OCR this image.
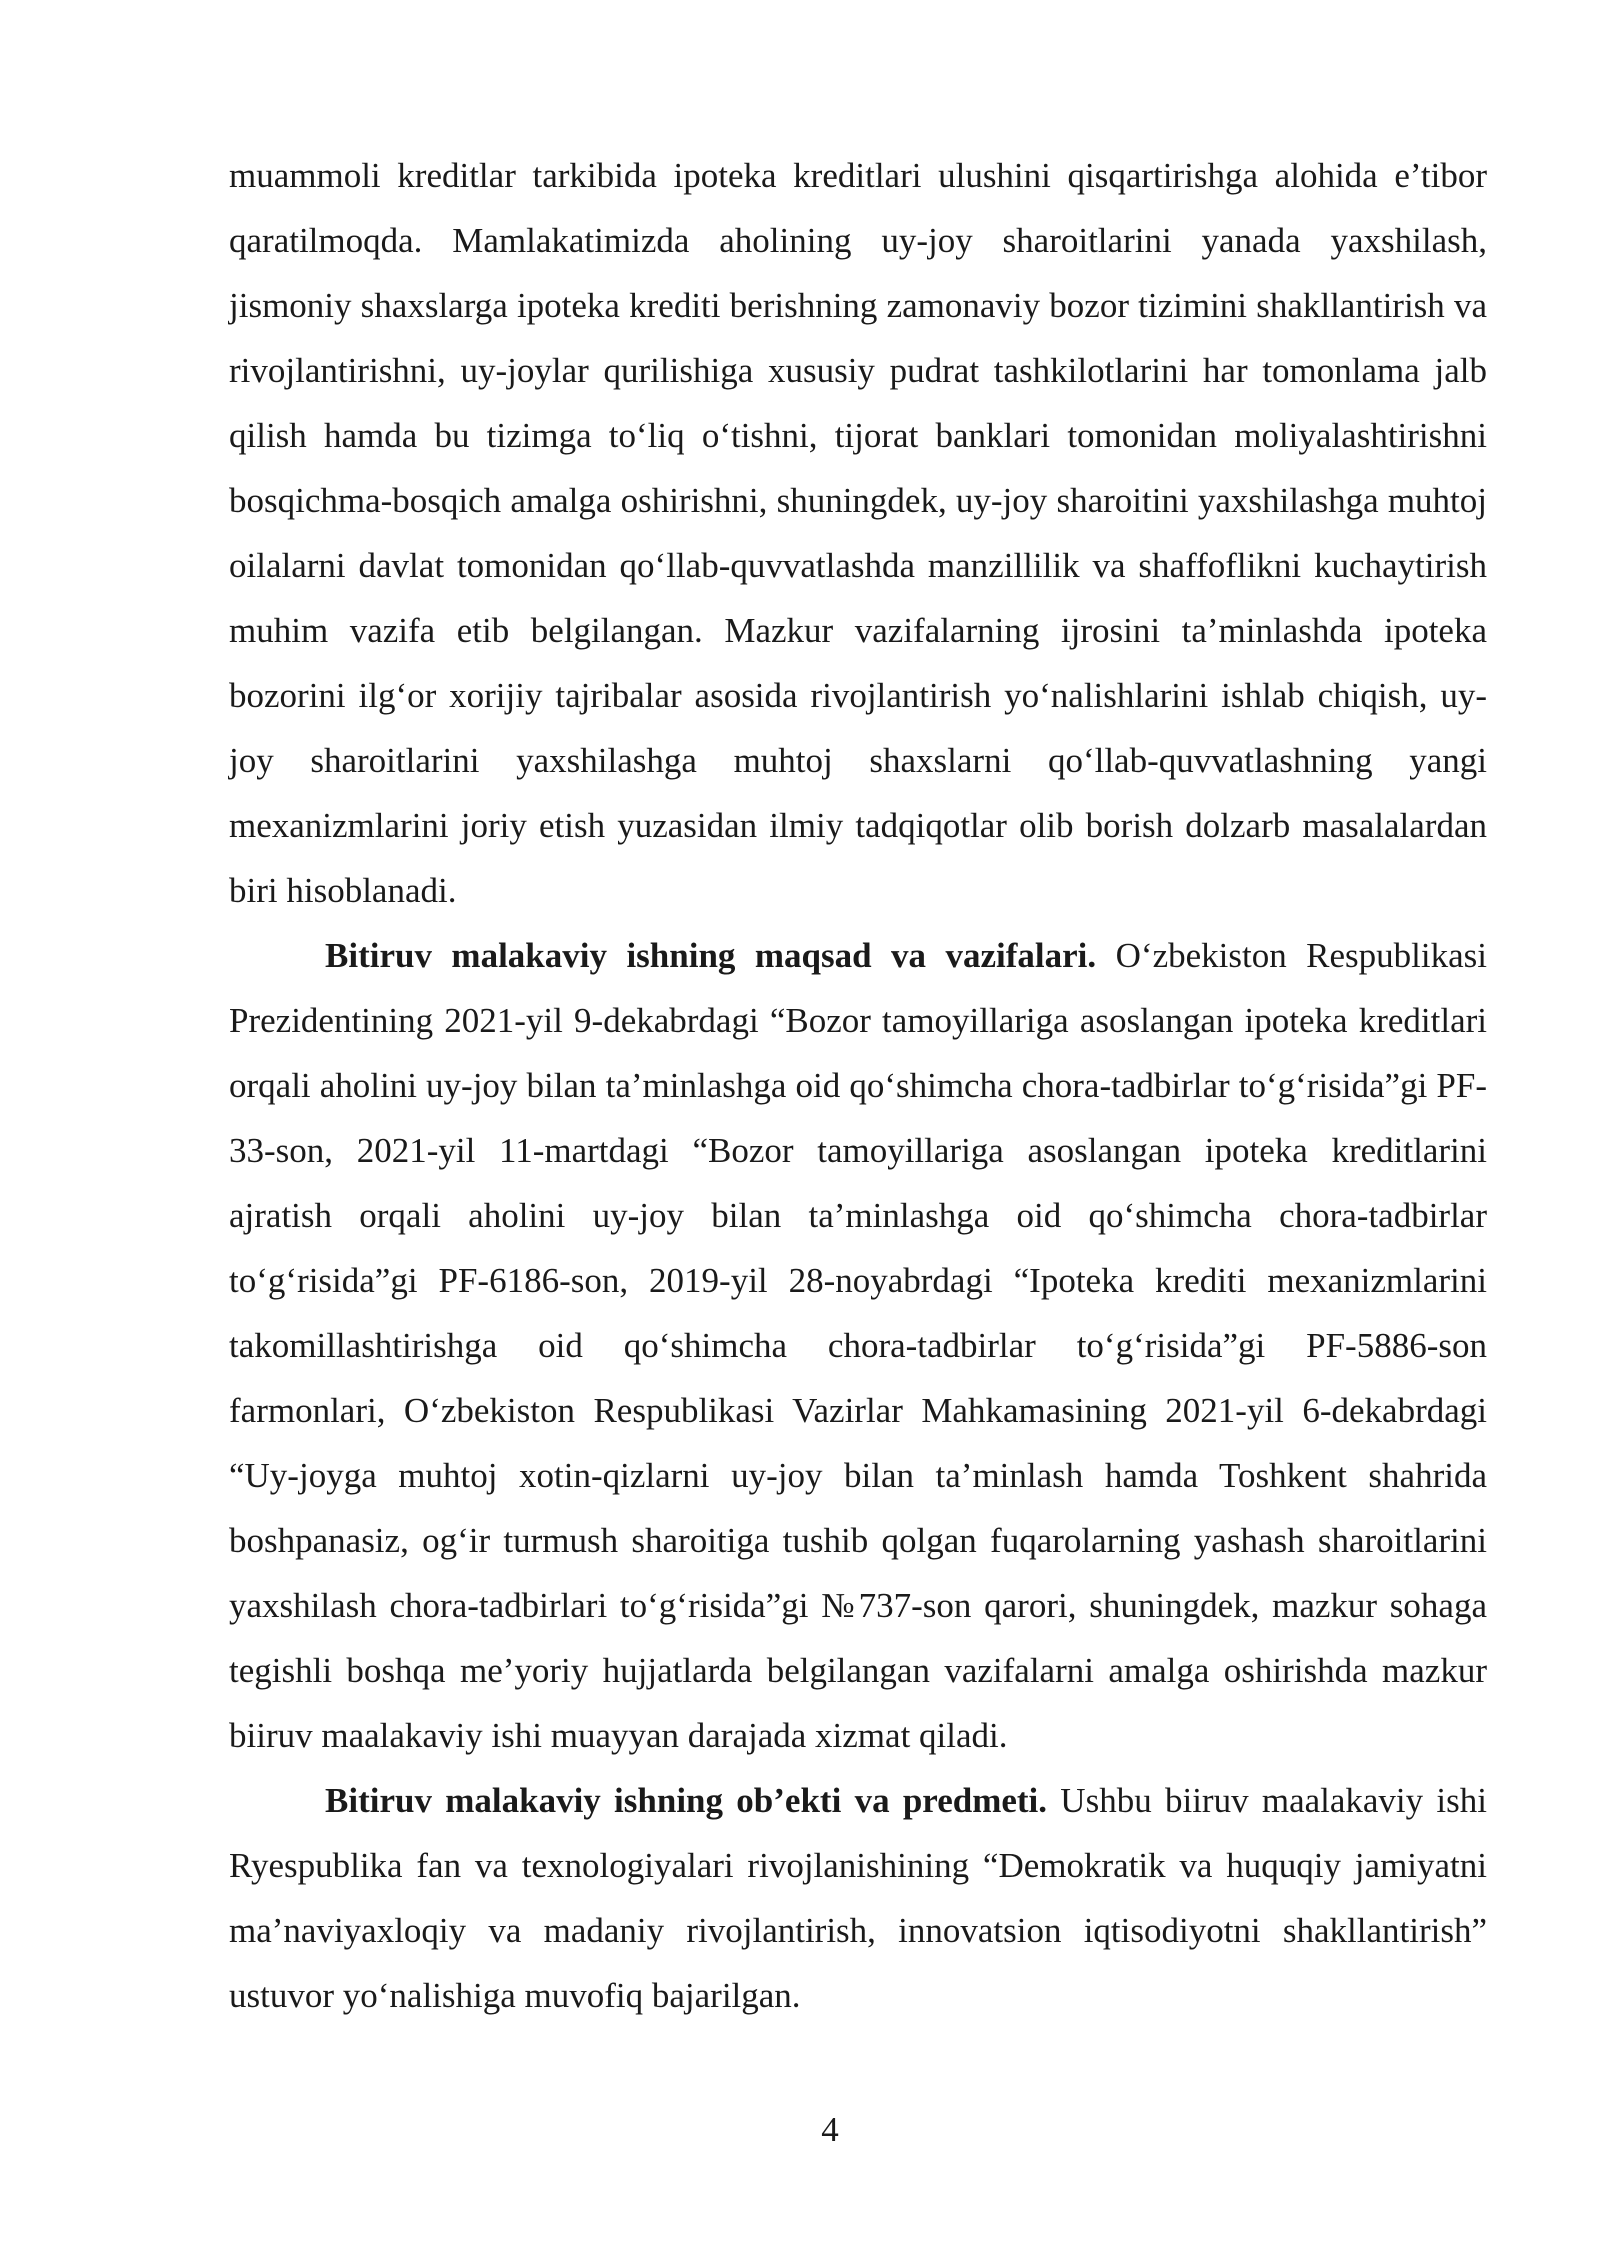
muammoli kreditlar tarkibida ipoteka kreditlari ulushini qisqartirishga alohida e’tibor qaratilmoqda. Mamlakatimizda aholining uy-joy sharoitlarini yanada yaxshilash, jismoniy shaxslarga ipoteka krediti berishning zamonaviy bozor tizimini shakllantirish va rivojlantirishni, uy-joylar qurilishiga xususiy pudrat tashkilotlarini har tomonlama jalb qilish hamda bu tizimga to‘liq o‘tishni, tijorat banklari tomonidan moliyalashtirishni bosqichma-bosqich amalga oshirishni, shuningdek, uy-joy sharoitini yaxshilashga muhtoj oilalarni davlat tomonidan qo‘llab-quvvatlashda manzillilik va shaffoflikni kuchaytirish muhim vazifa etib belgilangan. Mazkur vazifalarning ijrosini ta’minlashda ipoteka bozorini ilg‘or xorijiy tajribalar asosida rivojlantirish yo‘nalishlarini ishlab chiqish, uy-joy sharoitlarini yaxshilashga muhtoj shaxslarni qo‘llab-quvvatlashning yangi mexanizmlarini joriy etish yuzasidan ilmiy tadqiqotlar olib borish dolzarb masalalardan biri hisoblanadi.

Bitiruv malakaviy ishning maqsad va vazifalari. O‘zbekiston Respublikasi Prezidentining 2021-yil 9-dekabrdagi “Bozor tamoyillariga asoslangan ipoteka kreditlari orqali aholini uy-joy bilan ta’minlashga oid qo‘shimcha chora-tadbirlar to‘g‘risida”gi PF-33-son, 2021-yil 11-martdagi “Bozor tamoyillariga asoslangan ipoteka kreditlarini ajratish orqali aholini uy-joy bilan ta’minlashga oid qo‘shimcha chora-tadbirlar to‘g‘risida”gi PF-6186-son, 2019-yil 28-noyabrdagi “Ipoteka krediti mexanizmlarini takomillashtirishga oid qo‘shimcha chora-tadbirlar to‘g‘risida”gi PF-5886-son farmonlari, O‘zbekiston Respublikasi Vazirlar Mahkamasining 2021-yil 6-dekabrdagi “Uy-joyga muhtoj xotin-qizlarni uy-joy bilan ta’minlash hamda Toshkent shahrida boshpanasiz, og‘ir turmush sharoitiga tushib qolgan fuqarolarning yashash sharoitlarini yaxshilash chora-tadbirlari to‘g‘risida”gi №737-son qarori, shuningdek, mazkur sohaga tegishli boshqa me’yoriy hujjatlarda belgilangan vazifalarni amalga oshirishda mazkur biiruv maalakaviy ishi muayyan darajada xizmat qiladi.

Bitiruv malakaviy ishning ob’ekti va predmeti. Ushbu biiruv maalakaviy ishi Ryespublika fan va texnologiyalari rivojlanishining “Demokratik va huquqiy jamiyatni ma’naviyaxloqiy va madaniy rivojlantirish, innovatsion iqtisodiyotni shakllantirish” ustuvor yo‘nalishiga muvofiq bajarilgan.

4
